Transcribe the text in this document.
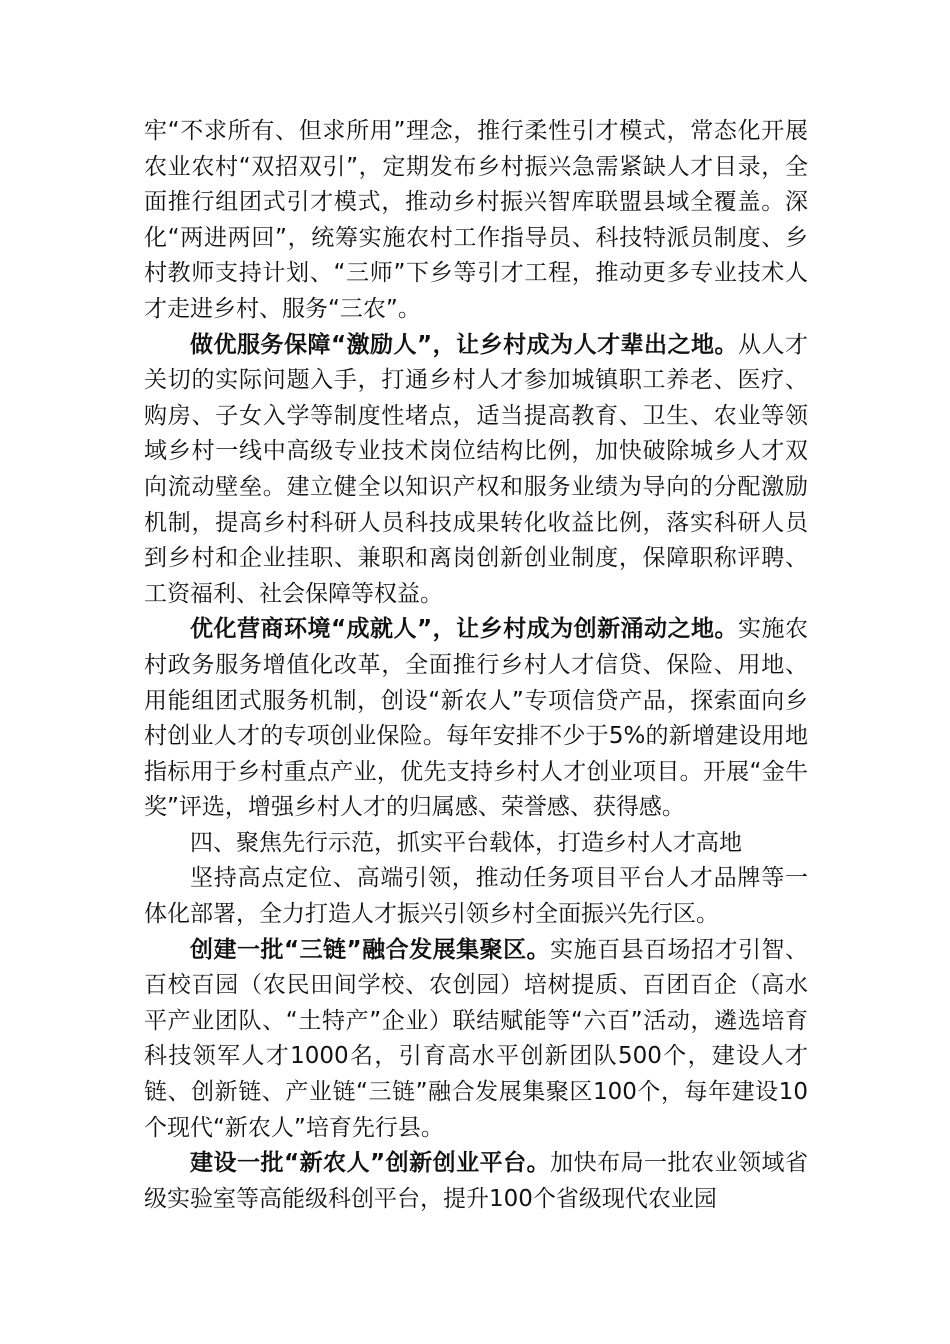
牢“不求所有、但求所用”理念，推行柔性引才模式，常态化开展农业农村“双招双引”，定期发布乡村振兴急需紧缺人才目录，全面推行组团式引才模式，推动乡村振兴智库联盟县域全覆盖。深化“两进两回”，统筹实施农村工作指导员、科技特派员制度、乡村教师支持计划、“三师”下乡等引才工程，推动更多专业技术人才走进乡村、服务“三农”。

做优服务保障“激励人”，让乡村成为人才辈出之地。从人才关切的实际问题入手，打通乡村人才参加城镇职工养老、医疗、购房、子女入学等制度性堵点，适当提高教育、卫生、农业等领域乡村一线中高级专业技术岗位结构比例，加快破除城乡人才双向流动壁垒。建立健全以知识产权和服务业绩为导向的分配激励机制，提高乡村科研人员科技成果转化收益比例，落实科研人员到乡村和企业挂职、兼职和离岗创新创业制度，保障职称评聘、工资福利、社会保障等权益。

优化营商环境“成就人”，让乡村成为创新涌动之地。实施农村政务服务增值化改革，全面推行乡村人才信贷、保险、用地、用能组团式服务机制，创设“新农人”专项信贷产品，探索面向乡村创业人才的专项创业保险。每年安排不少于5%的新增建设用地指标用于乡村重点产业，优先支持乡村人才创业项目。开展“金牛奖”评选，增强乡村人才的归属感、荣誉感、获得感。

四、聚焦先行示范，抓实平台载体，打造乡村人才高地

坚持高点定位、高端引领，推动任务项目平台人才品牌等一体化部署，全力打造人才振兴引领乡村全面振兴先行区。

创建一批“三链”融合发展集聚区。实施百县百场招才引智、百校百园（农民田间学校、农创园）培树提质、百团百企（高水平产业团队、“土特产”企业）联结赋能等“六百”活动，遴选培育科技领军人才1000名，引育高水平创新团队500个，建设人才链、创新链、产业链“三链”融合发展集聚区100个，每年建设10个现代“新农人”培育先行县。

建设一批“新农人”创新创业平台。加快布局一批农业领域省级实验室等高能级科创平台，提升100个省级现代农业园
